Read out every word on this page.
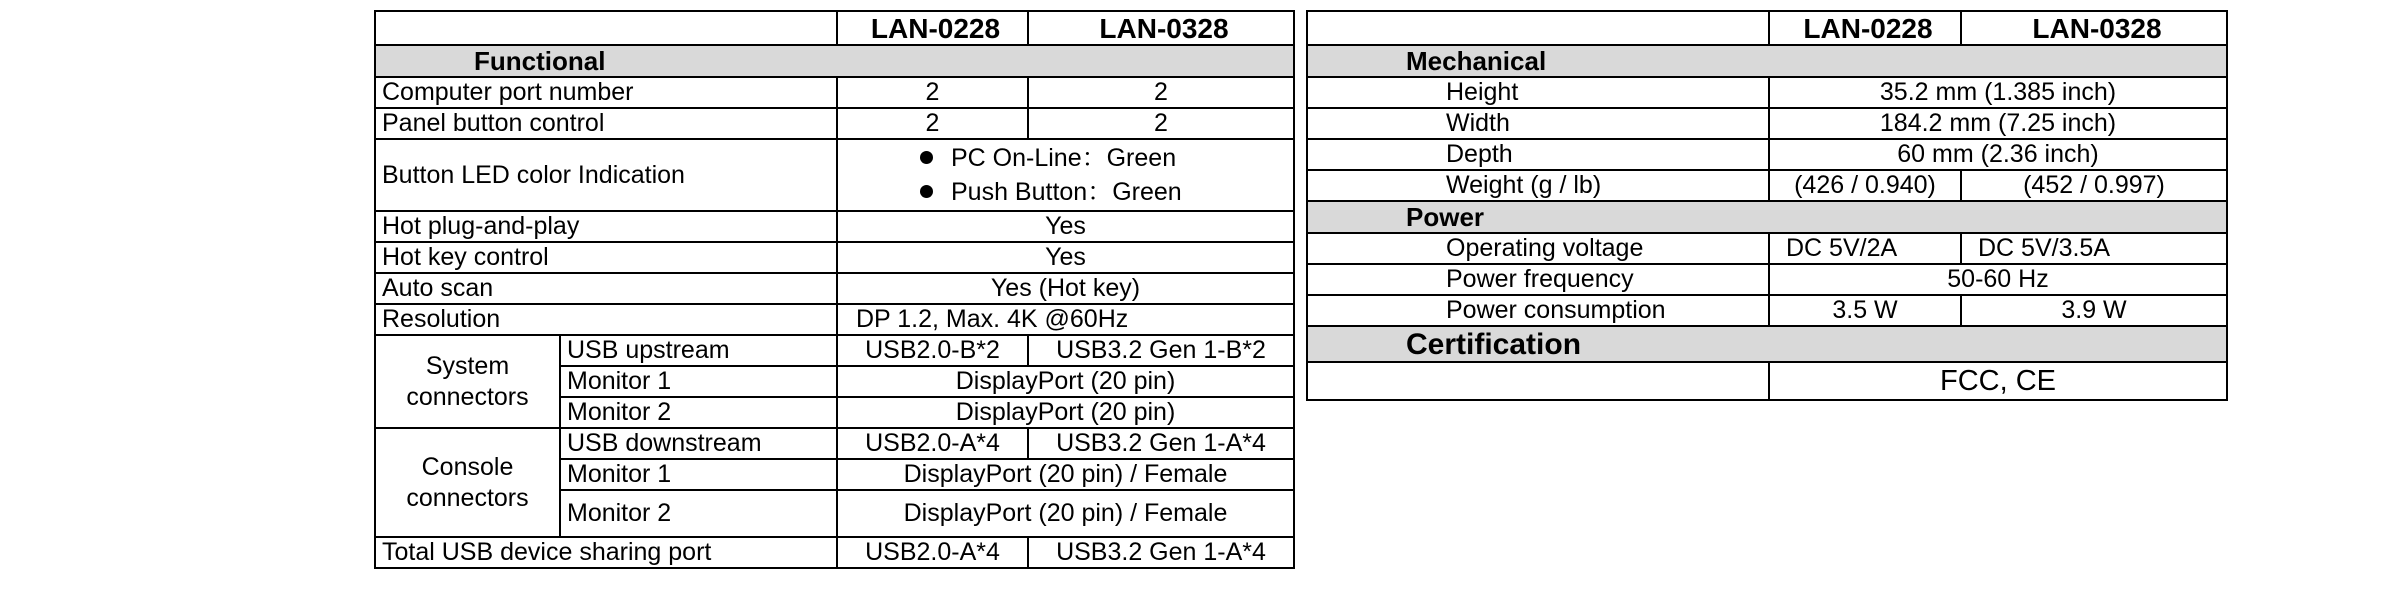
		LAN-0228	LAN-0328
Functional			
Computer port number		2	2
Panel button control		2	2
Button LED color Indication		PC On-Line：Green
Push Button：Green	

Hot plug-and-play		Yes	
Hot key control		Yes	
Auto scan		Yes (Hot key)	
Resolution		DP 1.2, Max. 4K @60Hz	
System connectors	USB upstream	USB2.0-B*2	USB3.2 Gen 1-B*2
	Monitor 1	DisplayPort (20 pin)	
	Monitor 2	DisplayPort (20 pin)	
Console connectors	USB downstream	USB2.0-A*4	USB3.2 Gen 1-A*4
	Monitor 1	DisplayPort (20 pin) / Female	
	Monitor 2	DisplayPort (20 pin) / Female	
Total USB device sharing port		USB2.0-A*4	USB3.2 Gen 1-A*4
	LAN-0228	LAN-0328
Mechanical		
Height	35.2 mm (1.385 inch)	
Width	184.2 mm (7.25 inch)	
Depth	60 mm (2.36 inch)	
Weight (g / lb)	(426 / 0.940)	(452 / 0.997)
Power		
Operating voltage	DC 5V/2A	DC 5V/3.5A
Power frequency	50-60 Hz	
Power consumption	3.5 W	3.9 W
Certification		
	FCC, CE	
